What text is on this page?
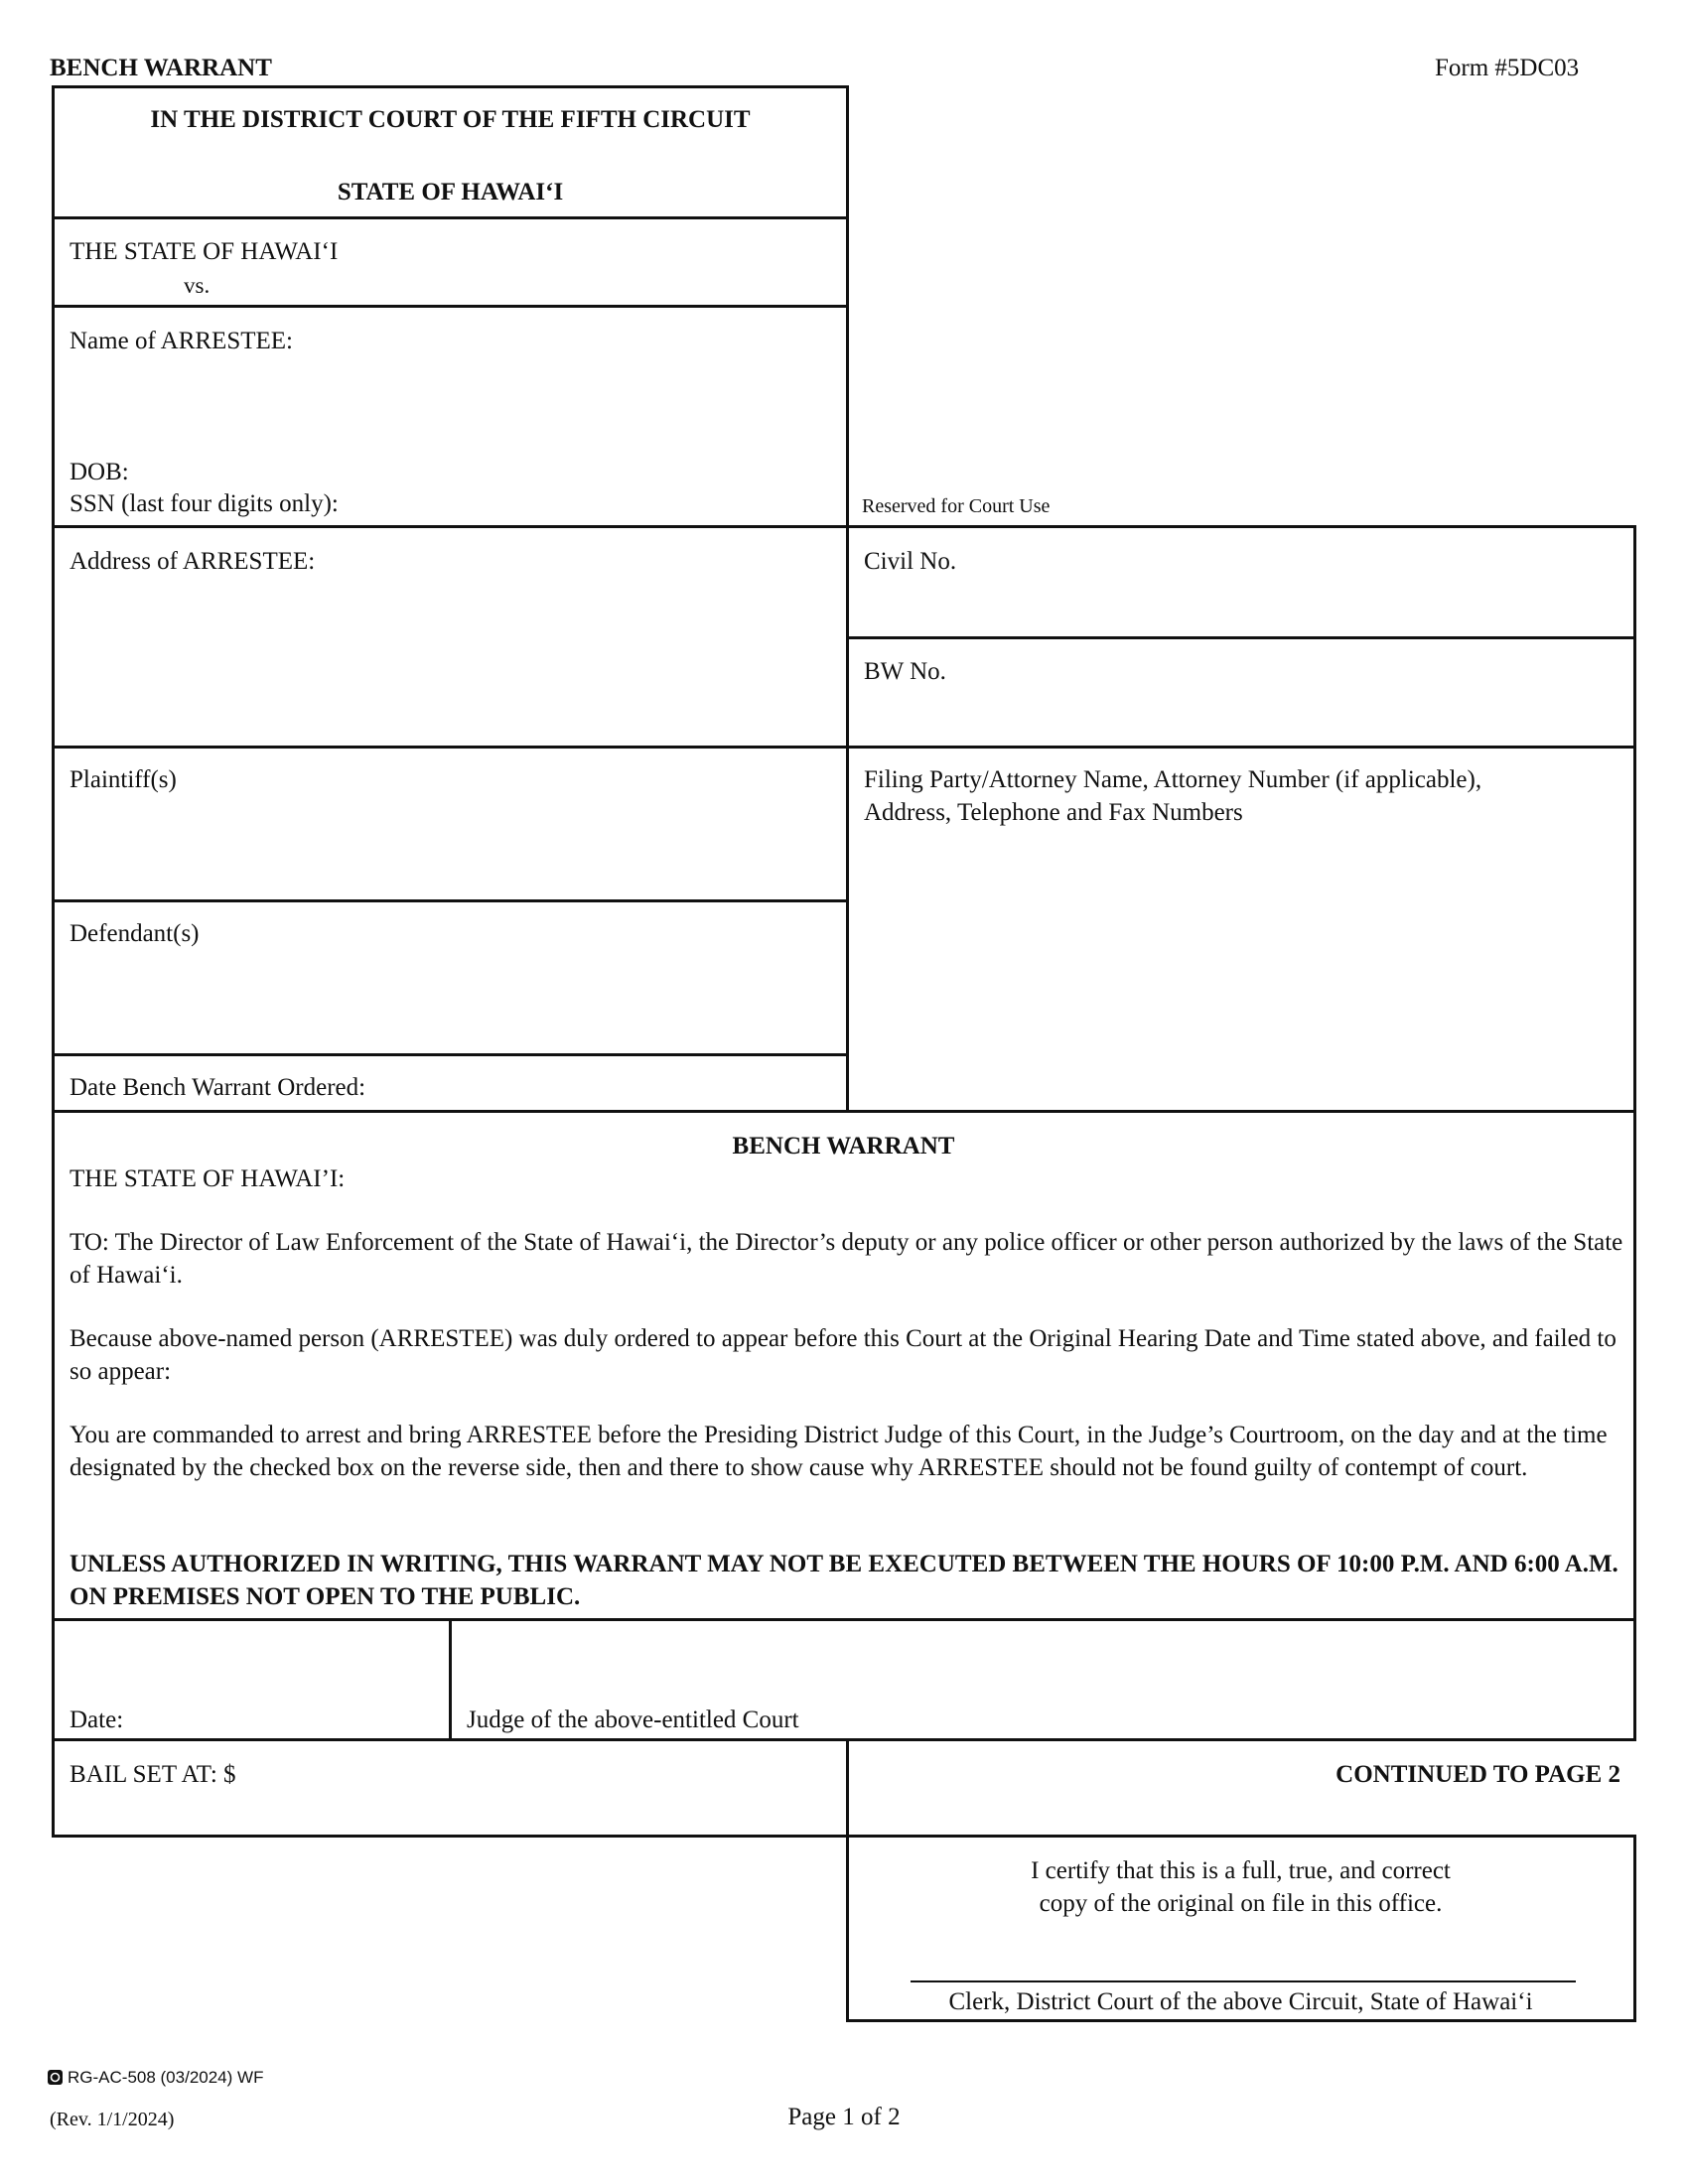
BENCH WARRANT	Form #5DC03
IN THE DISTRICT COURT OF THE FIFTH CIRCUIT
STATE OF HAWAI‘I
THE STATE OF HAWAI‘I
vs.
Name of ARRESTEE:
DOB:
SSN (last four digits only):	Reserved for Court Use
Address of ARRESTEE:	Civil No.
BW No.
Plaintiff(s)	Filing Party/Attorney Name, Attorney Number (if applicable),
Address, Telephone and Fax Numbers
Defendant(s)
Date Bench Warrant Ordered:
BENCH WARRANT
THE STATE OF HAWAI’I:
TO: The Director of Law Enforcement of the State of Hawai‘i, the Director’s deputy or any police officer or other person authorized by the laws of the State of Hawai‘i.
Because above-named person (ARRESTEE) was duly ordered to appear before this Court at the Original Hearing Date and Time stated above, and failed to so appear:
You are commanded to arrest and bring ARRESTEE before the Presiding District Judge of this Court, in the Judge’s Courtroom, on the day and at the time designated by the checked box on the reverse side, then and there to show cause why ARRESTEE should not be found guilty of contempt of court.
UNLESS AUTHORIZED IN WRITING, THIS WARRANT MAY NOT BE EXECUTED BETWEEN THE HOURS OF 10:00 P.M. AND 6:00 A.M. ON PREMISES NOT OPEN TO THE PUBLIC.
Date:	Judge of the above-entitled Court
BAIL SET AT: $	CONTINUED TO PAGE 2
I certify that this is a full, true, and correct
copy of the original on file in this office.
Clerk, District Court of the above Circuit, State of Hawai‘i
RG-AC-508 (03/2024) WF
(Rev. 1/1/2024)	Page 1 of 2
